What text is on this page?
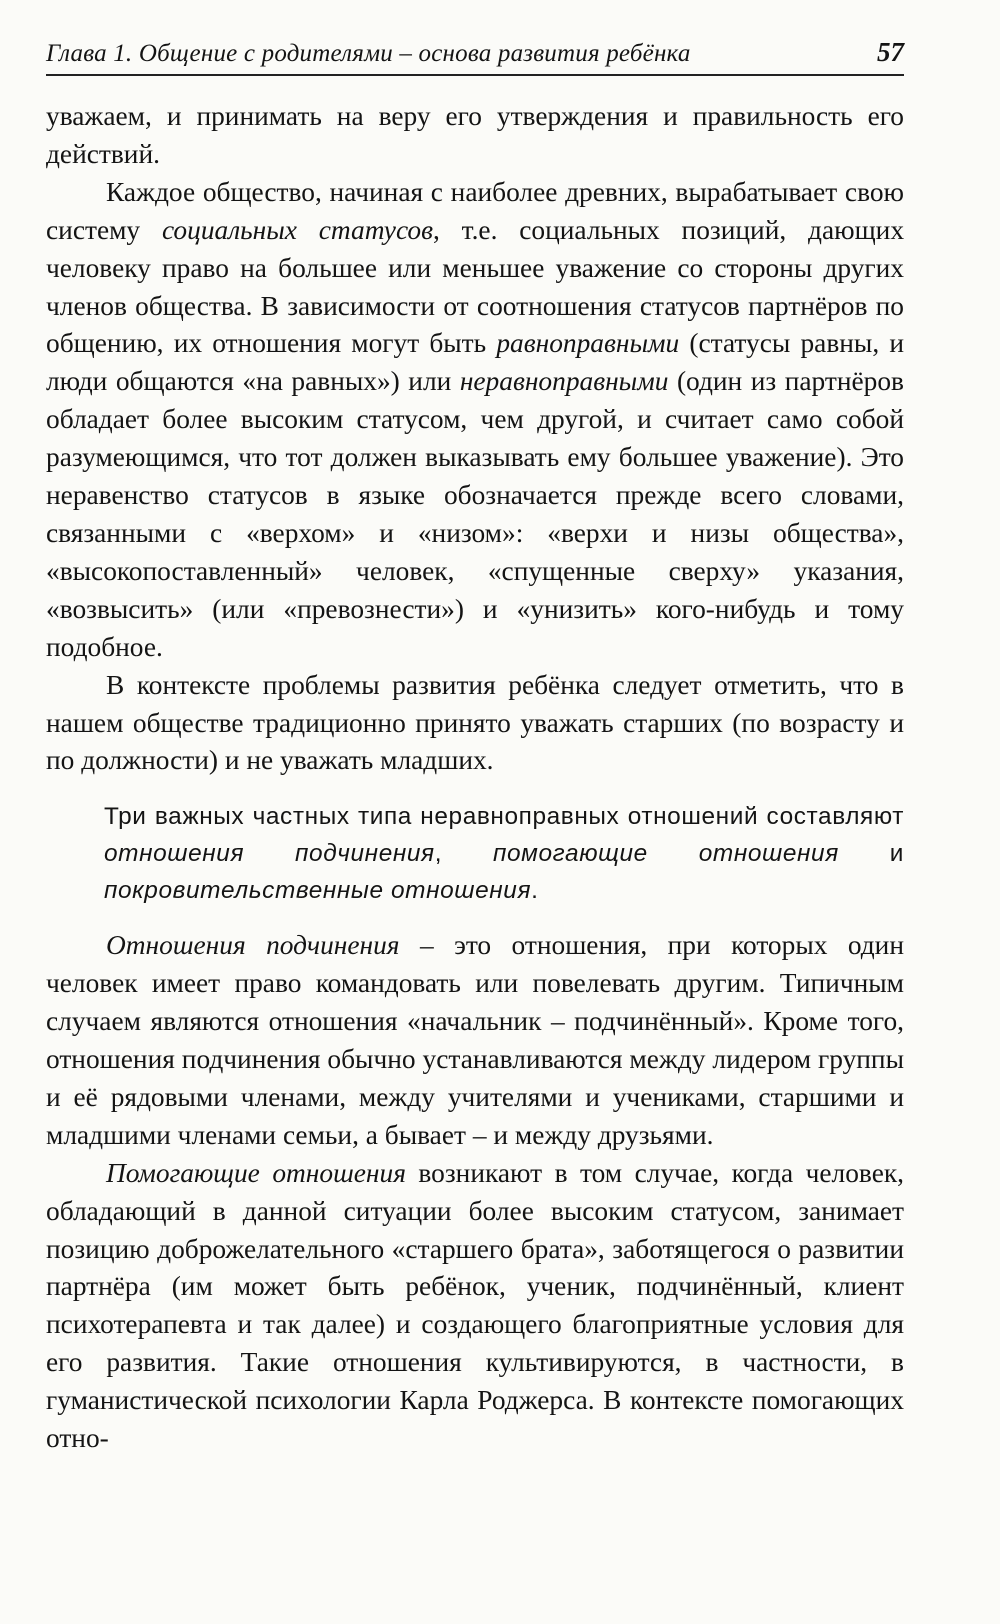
Глава 1. Общение с родителями – основа развития ребёнка	57

уважаем, и принимать на веру его утверждения и правильность его действий.

Каждое общество, начиная с наиболее древних, вырабатывает свою систему социальных статусов, т.е. социальных позиций, дающих человеку право на большее или меньшее уважение со стороны других членов общества. В зависимости от соотношения статусов партнёров по общению, их отношения могут быть равноправными (статусы равны, и люди общаются «на равных») или неравноправными (один из партнёров обладает более высоким статусом, чем другой, и считает само собой разумеющимся, что тот должен выказывать ему большее уважение). Это неравенство статусов в языке обозначается прежде всего словами, связанными с «верхом» и «низом»: «верхи и низы общества», «высокопоставленный» человек, «спущенные сверху» указания, «возвысить» (или «превознести») и «унизить» кого-нибудь и тому подобное.

В контексте проблемы развития ребёнка следует отметить, что в нашем обществе традиционно принято уважать старших (по возрасту и по должности) и не уважать младших.

Три важных частных типа неравноправных отношений составляют отношения подчинения, помогающие отношения и покровительственные отношения.

Отношения подчинения – это отношения, при которых один человек имеет право командовать или повелевать другим. Типичным случаем являются отношения «начальник – подчинённый». Кроме того, отношения подчинения обычно устанавливаются между лидером группы и её рядовыми членами, между учителями и учениками, старшими и младшими членами семьи, а бывает – и между друзьями.

Помогающие отношения возникают в том случае, когда человек, обладающий в данной ситуации более высоким статусом, занимает позицию доброжелательного «старшего брата», заботящегося о развитии партнёра (им может быть ребёнок, ученик, подчинённый, клиент психотерапевта и так далее) и создающего благоприятные условия для его развития. Такие отношения культивируются, в частности, в гуманистической психологии Карла Роджерса. В контексте помогающих отно-
